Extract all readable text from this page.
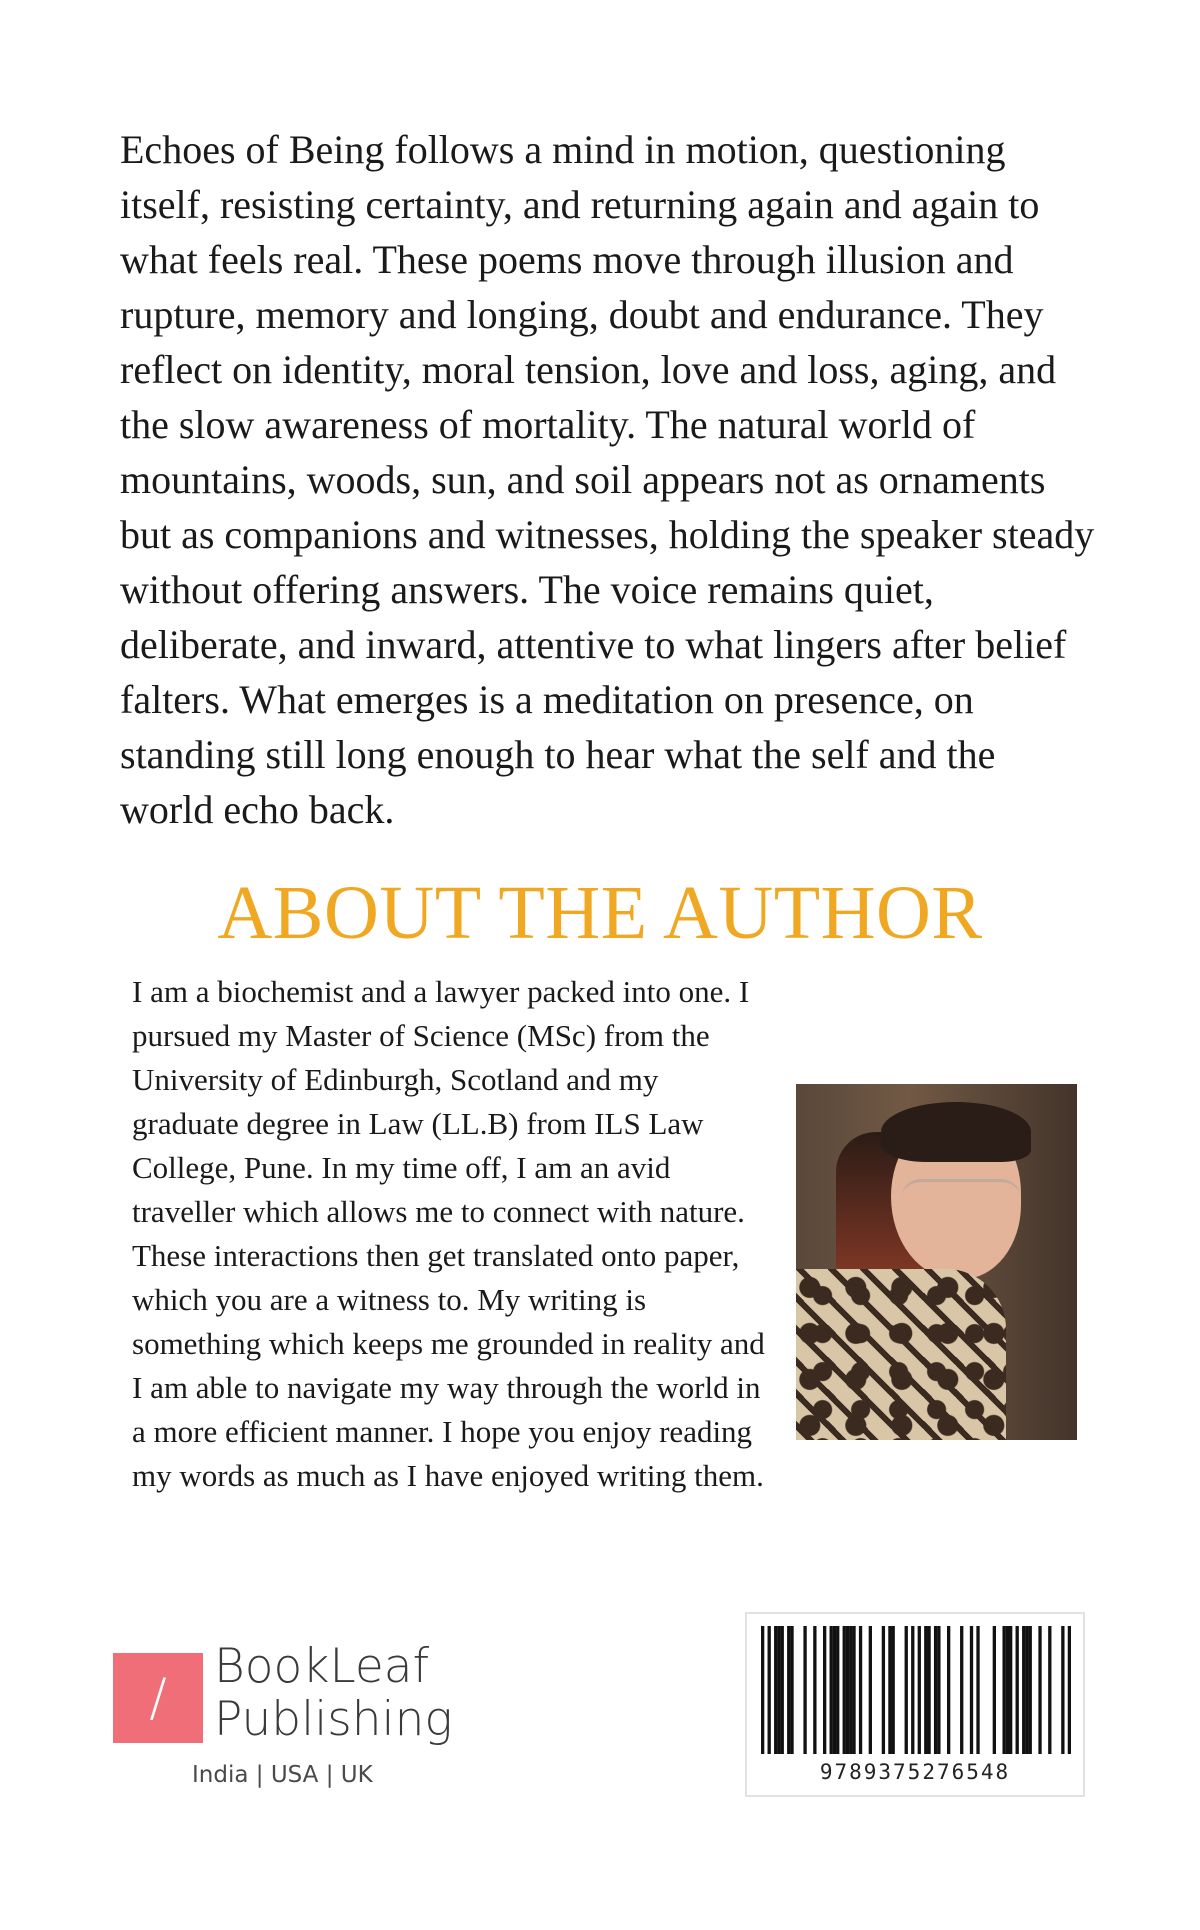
Echoes of Being follows a mind in motion, questioning itself, resisting certainty, and returning again and again to what feels real. These poems move through illusion and rupture, memory and longing, doubt and endurance. They reflect on identity, moral tension, love and loss, aging, and the slow awareness of mortality. The natural world of mountains, woods, sun, and soil appears not as ornaments but as companions and witnesses, holding the speaker steady without offering answers. The voice remains quiet, deliberate, and inward, attentive to what lingers after belief falters. What emerges is a meditation on presence, on standing still long enough to hear what the self and the world echo back.

ABOUT THE AUTHOR

I am a biochemist and a lawyer packed into one. I pursued my Master of Science (MSc) from the University of Edinburgh, Scotland and my graduate degree in Law (LL.B) from ILS Law College, Pune. In my time off, I am an avid traveller which allows me to connect with nature. These interactions then get translated onto paper, which you are a witness to. My writing is something which keeps me grounded in reality and I am able to navigate my way through the world in a more efficient manner. I hope you enjoy reading my words as much as I have enjoyed writing them.

/
BookLeaf
Publishing
India | USA | UK	9789375276548
